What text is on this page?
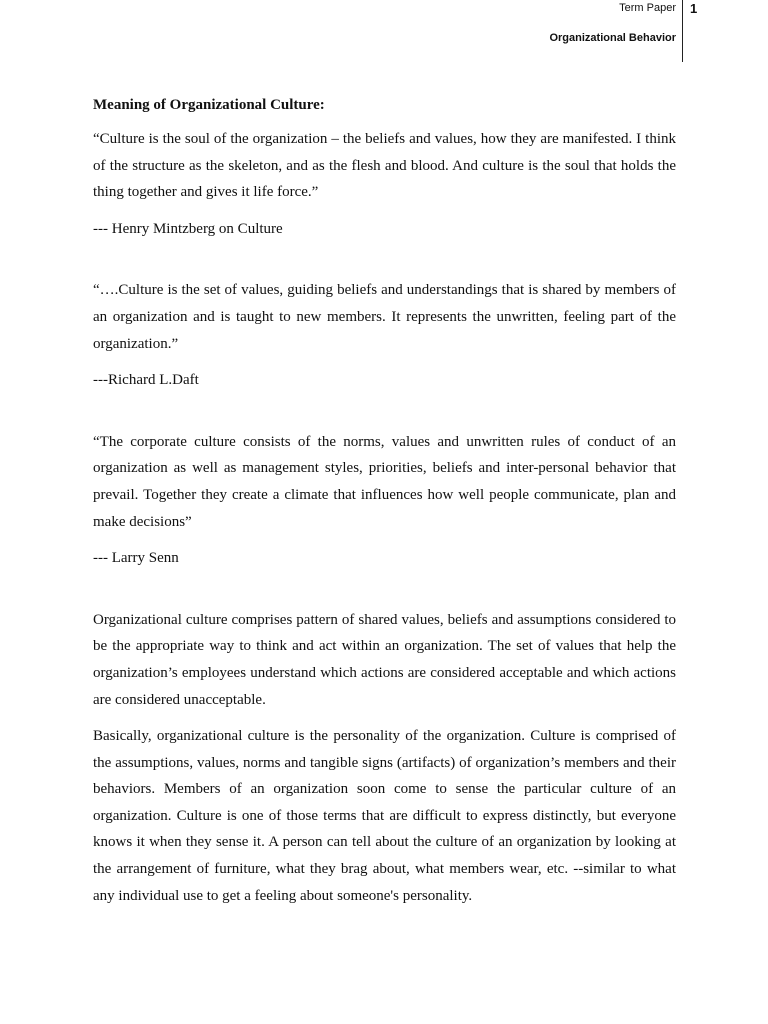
Term Paper
Organizational Behavior
1

Meaning of Organizational Culture:

“Culture is the soul of the organization – the beliefs and values, how they are manifested. I think of the structure as the skeleton, and as the flesh and blood. And culture is the soul that holds the thing together and gives it life force.”

--- Henry Mintzberg on Culture

“….Culture is the set of values, guiding beliefs and understandings that is shared by members of an organization and is taught to new members. It represents the unwritten, feeling part of the organization.”

---Richard L.Daft

“The corporate culture consists of the norms, values and unwritten rules of conduct of an organization as well as management styles, priorities, beliefs and inter-personal behavior that prevail. Together they create a climate that influences how well people communicate, plan and make decisions”

--- Larry Senn

Organizational culture comprises pattern of shared values, beliefs and assumptions considered to be the appropriate way to think and act within an organization. The set of values that help the organization’s employees understand which actions are considered acceptable and which actions are considered unacceptable.

Basically, organizational culture is the personality of the organization. Culture is comprised of the assumptions, values, norms and tangible signs (artifacts) of organization’s members and their behaviors. Members of an organization soon come to sense the particular culture of an organization. Culture is one of those terms that are difficult to express distinctly, but everyone knows it when they sense it. A person can tell about the culture of an organization by looking at the arrangement of furniture, what they brag about, what members wear, etc. --similar to what any individual use to get a feeling about someone's personality.
